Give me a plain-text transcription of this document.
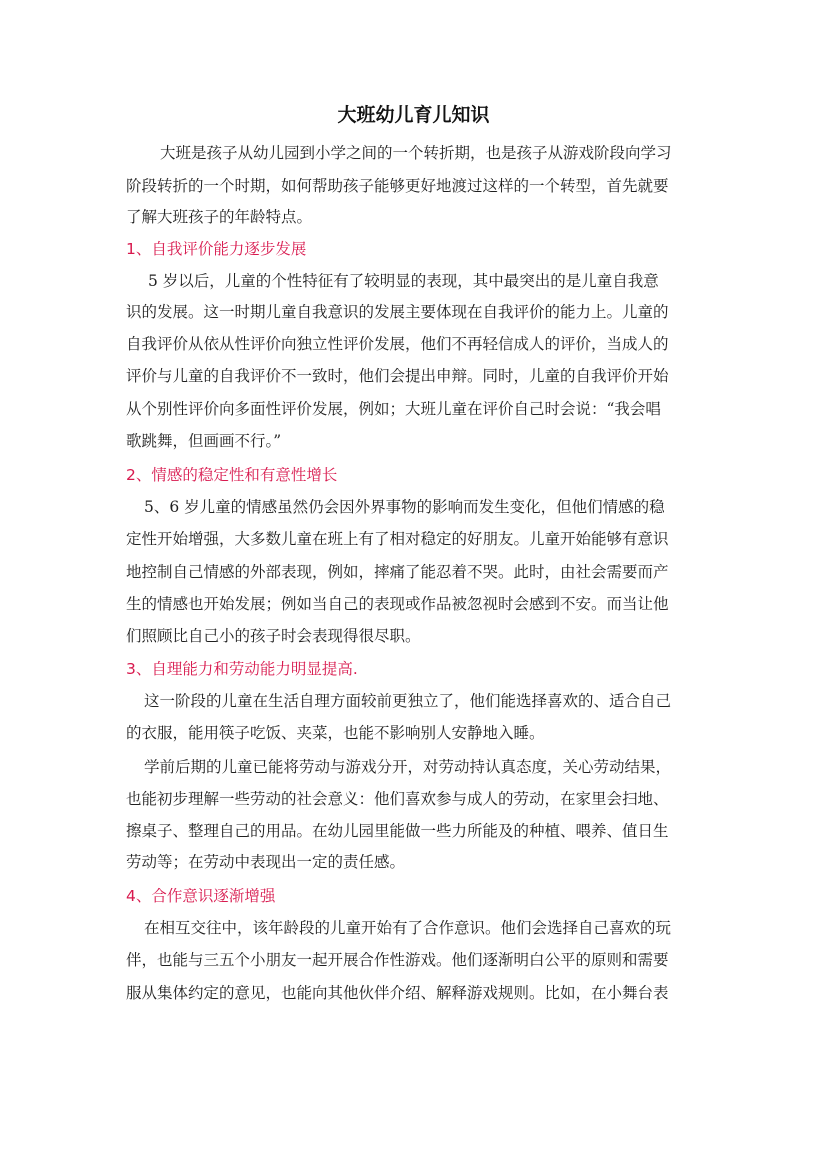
大班幼儿育儿知识
大班是孩子从幼儿园到小学之间的一个转折期，也是孩子从游戏阶段向学习
阶段转折的一个时期，如何帮助孩子能够更好地渡过这样的一个转型，首先就要
了解大班孩子的年龄特点。
1、自我评价能力逐步发展
5 岁以后，儿童的个性特征有了较明显的表现，其中最突出的是儿童自我意
识的发展。这一时期儿童自我意识的发展主要体现在自我评价的能力上。儿童的
自我评价从依从性评价向独立性评价发展，他们不再轻信成人的评价，当成人的
评价与儿童的自我评价不一致时，他们会提出申辩。同时，儿童的自我评价开始
从个别性评价向多面性评价发展，例如；大班儿童在评价自己时会说：“我会唱
歌跳舞，但画画不行。”
2、情感的稳定性和有意性增长
5、6 岁儿童的情感虽然仍会因外界事物的影响而发生变化，但他们情感的稳
定性开始增强，大多数儿童在班上有了相对稳定的好朋友。儿童开始能够有意识
地控制自己情感的外部表现，例如，摔痛了能忍着不哭。此时，由社会需要而产
生的情感也开始发展；例如当自己的表现或作品被忽视时会感到不安。而当让他
们照顾比自己小的孩子时会表现得很尽职。
3、自理能力和劳动能力明显提高.
这一阶段的儿童在生活自理方面较前更独立了，他们能选择喜欢的、适合自己
的衣服，能用筷子吃饭、夹菜，也能不影响别人安静地入睡。
学前后期的儿童已能将劳动与游戏分开，对劳动持认真态度，关心劳动结果，
也能初步理解一些劳动的社会意义：他们喜欢参与成人的劳动，在家里会扫地、
擦桌子、整理自己的用品。在幼儿园里能做一些力所能及的种植、喂养、值日生
劳动等；在劳动中表现出一定的责任感。
4、合作意识逐渐增强
在相互交往中，该年龄段的儿童开始有了合作意识。他们会选择自己喜欢的玩
伴，也能与三五个小朋友一起开展合作性游戏。他们逐渐明白公平的原则和需要
服从集体约定的意见，也能向其他伙伴介绍、解释游戏规则。比如，在小舞台表
